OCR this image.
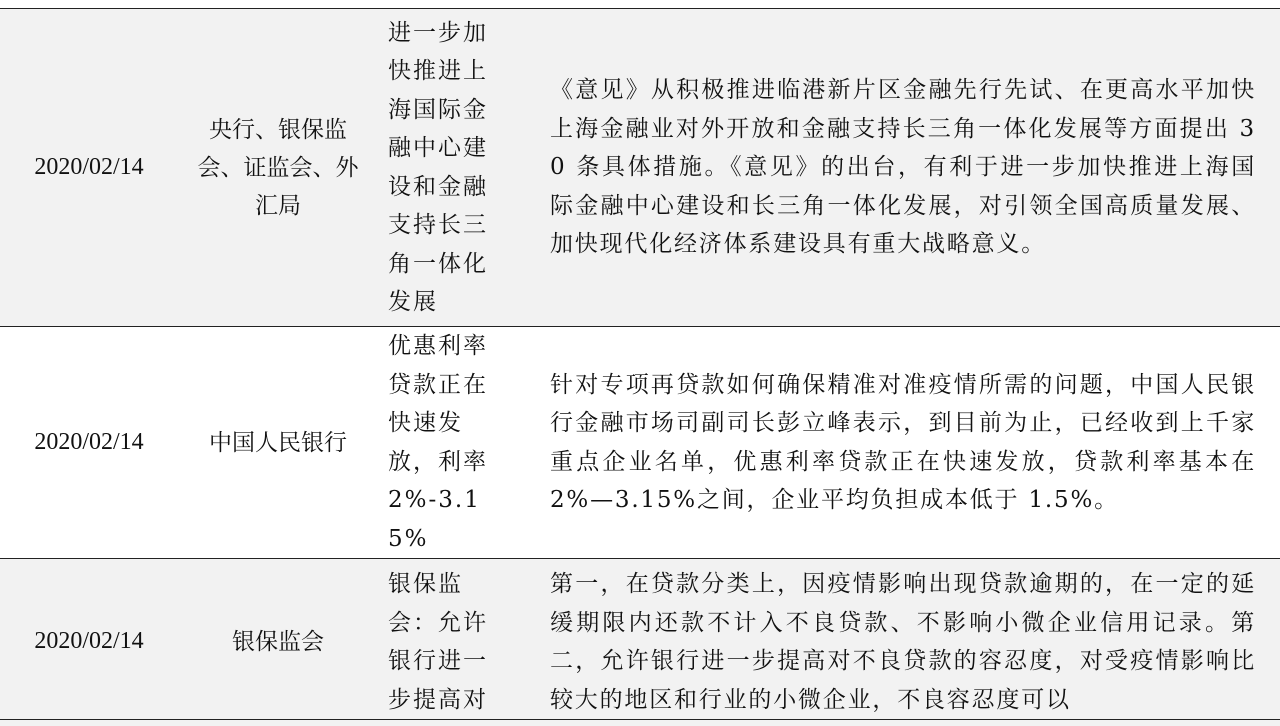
2020/02/14
央行、银保监会、证监会、外汇局
进一步加快推进上海国际金融中心建设和金融支持长三角一体化发展
《意见》从积极推进临港新片区金融先行先试、在更高水平加快上海金融业对外开放和金融支持长三角一体化发展等方面提出 30 条具体措施。《意见》的出台，有利于进一步加快推进上海国际金融中心建设和长三角一体化发展，对引领全国高质量发展、加快现代化经济体系建设具有重大战略意义。
2020/02/14	中国人民银行
优惠利率贷款正在快速发放，利率2%-3.15%
针对专项再贷款如何确保精准对准疫情所需的问题，中国人民银行金融市场司副司长彭立峰表示，到目前为止，已经收到上千家重点企业名单，优惠利率贷款正在快速发放，贷款利率基本在 2%—3.15%之间，企业平均负担成本低于 1.5%。
2020/02/14	银保监会
银保监会：允许银行进一步提高对
第一，在贷款分类上，因疫情影响出现贷款逾期的，在一定的延缓期限内还款不计入不良贷款、不影响小微企业信用记录。第二，允许银行进一步提高对不良贷款的容忍度，对受疫情影响比较大的地区和行业的小微企业，不良容忍度可以
